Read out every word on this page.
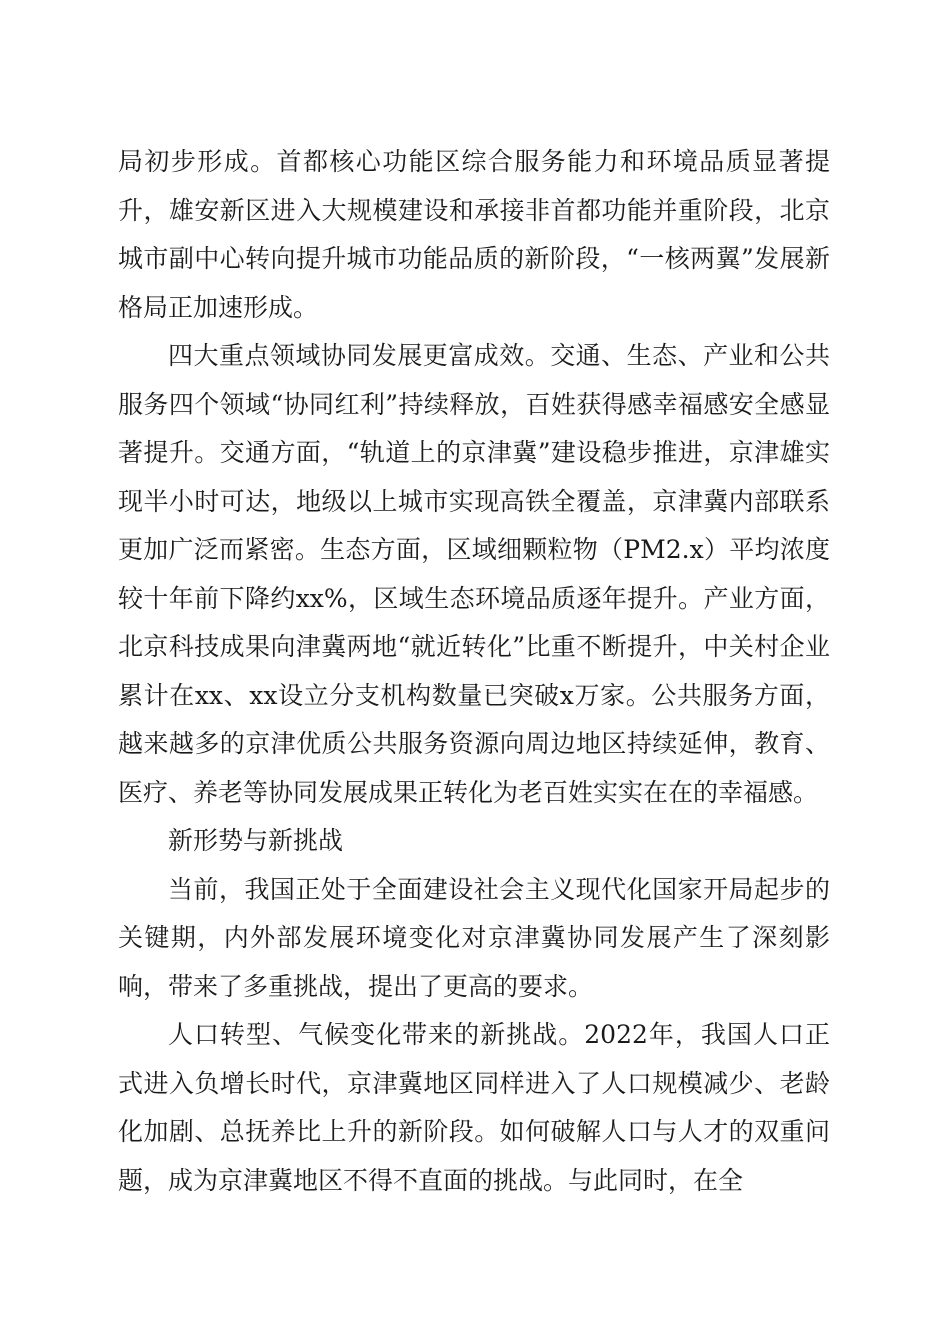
局初步形成。首都核心功能区综合服务能力和环境品质显著提升，雄安新区进入大规模建设和承接非首都功能并重阶段，北京城市副中心转向提升城市功能品质的新阶段，“一核两翼”发展新格局正加速形成。

四大重点领域协同发展更富成效。交通、生态、产业和公共服务四个领域“协同红利”持续释放，百姓获得感幸福感安全感显著提升。交通方面，“轨道上的京津冀”建设稳步推进，京津雄实现半小时可达，地级以上城市实现高铁全覆盖，京津冀内部联系更加广泛而紧密。生态方面，区域细颗粒物（PM2.x）平均浓度较十年前下降约xx%，区域生态环境品质逐年提升。产业方面，北京科技成果向津冀两地“就近转化”比重不断提升，中关村企业累计在xx、xx设立分支机构数量已突破x万家。公共服务方面，越来越多的京津优质公共服务资源向周边地区持续延伸，教育、医疗、养老等协同发展成果正转化为老百姓实实在在的幸福感。

新形势与新挑战

当前，我国正处于全面建设社会主义现代化国家开局起步的关键期，内外部发展环境变化对京津冀协同发展产生了深刻影响，带来了多重挑战，提出了更高的要求。

人口转型、气候变化带来的新挑战。2022年，我国人口正式进入负增长时代，京津冀地区同样进入了人口规模减少、老龄化加剧、总抚养比上升的新阶段。如何破解人口与人才的双重问题，成为京津冀地区不得不直面的挑战。与此同时，在全
